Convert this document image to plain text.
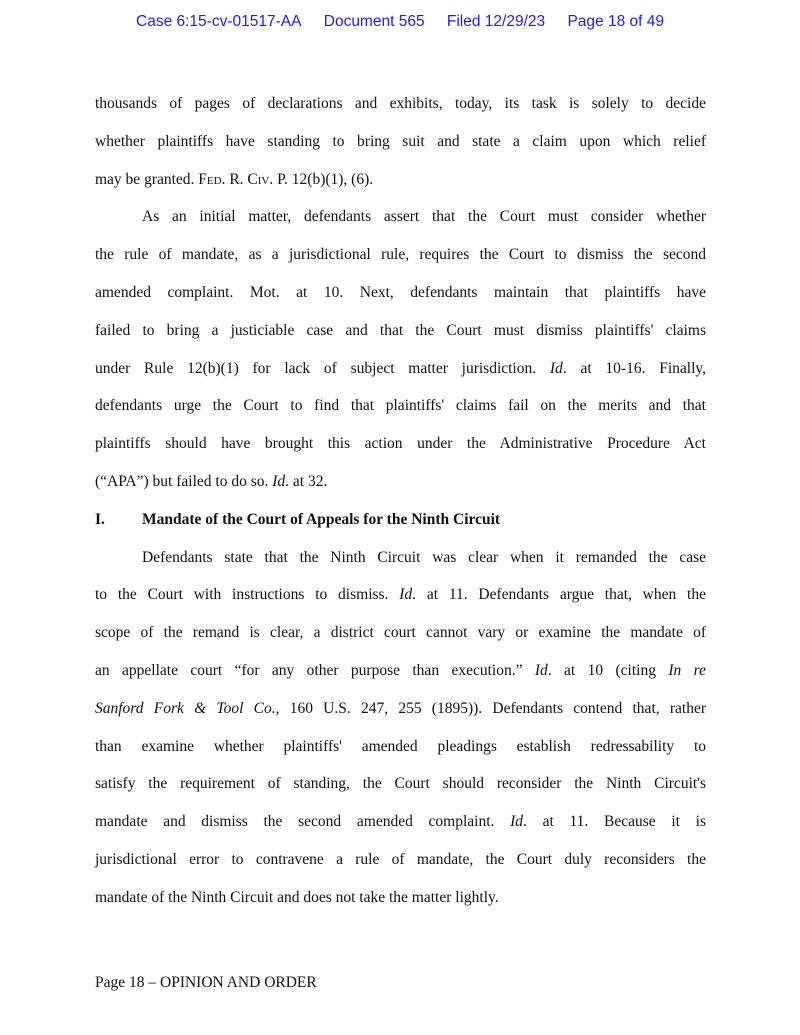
Case 6:15-cv-01517-AA Document 565 Filed 12/29/23 Page 18 of 49
thousands of pages of declarations and exhibits, today, its task is solely to decide
whether plaintiffs have standing to bring suit and state a claim upon which relief
may be granted. Fed. R. Civ. P. 12(b)(1), (6).
As an initial matter, defendants assert that the Court must consider whether
the rule of mandate, as a jurisdictional rule, requires the Court to dismiss the second
amended complaint. Mot. at 10. Next, defendants maintain that plaintiffs have
failed to bring a justiciable case and that the Court must dismiss plaintiffs' claims
under Rule 12(b)(1) for lack of subject matter jurisdiction. Id. at 10-16. Finally,
defendants urge the Court to find that plaintiffs' claims fail on the merits and that
plaintiffs should have brought this action under the Administrative Procedure Act
(“APA”) but failed to do so. Id. at 32.
I. Mandate of the Court of Appeals for the Ninth Circuit
Defendants state that the Ninth Circuit was clear when it remanded the case
to the Court with instructions to dismiss. Id. at 11. Defendants argue that, when the
scope of the remand is clear, a district court cannot vary or examine the mandate of
an appellate court “for any other purpose than execution.” Id. at 10 (citing In re
Sanford Fork & Tool Co., 160 U.S. 247, 255 (1895)). Defendants contend that, rather
than examine whether plaintiffs' amended pleadings establish redressability to
satisfy the requirement of standing, the Court should reconsider the Ninth Circuit's
mandate and dismiss the second amended complaint. Id. at 11. Because it is
jurisdictional error to contravene a rule of mandate, the Court duly reconsiders the
mandate of the Ninth Circuit and does not take the matter lightly.
Page 18 – OPINION AND ORDER
